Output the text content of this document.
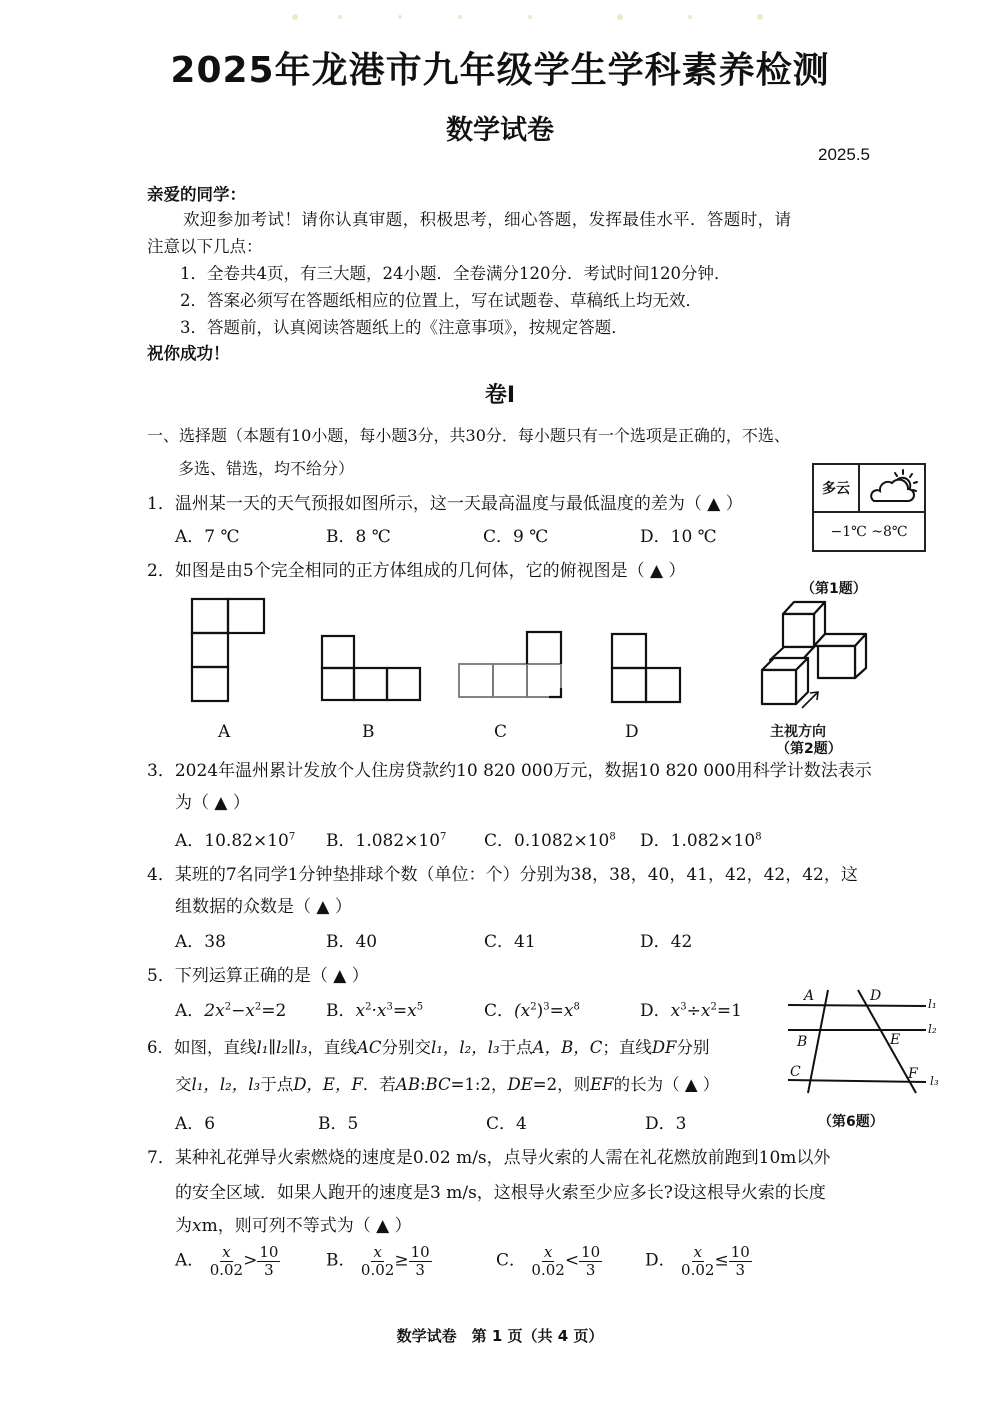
2025年龙港市九年级学生学科素养检测
数学试卷
2025.5
亲爱的同学：
欢迎参加考试！请你认真审题，积极思考，细心答题，发挥最佳水平．答题时，请
注意以下几点：
1．全卷共4页，有三大题，24小题．全卷满分120分．考试时间120分钟．
2．答案必须写在答题纸相应的位置上，写在试题卷、草稿纸上均无效．
3．答题前，认真阅读答题纸上的《注意事项》，按规定答题．
祝你成功！
卷Ⅰ
一、选择题（本题有10小题，每小题3分，共30分．每小题只有一个选项是正确的，不选、
多选、错选，均不给分）
1．温州某一天的天气预报如图所示，这一天最高温度与最低温度的差为（ ▲ ）
A．7 ℃	B．8 ℃	C．9 ℃	D．10 ℃
多云
−1℃ ~8℃
（第1题）
2．如图是由5个完全相同的正方体组成的几何体，它的俯视图是（ ▲ ）
A	B	C	D	主视方向
（第2题）
3．2024年温州累计发放个人住房贷款约10 820 000万元，数据10 820 000用科学计数法表示
为（ ▲ ）
A．$10.82\times 10^7$ B．$1.082\times 10^7$ C．$0.1082\times 10^8$ D．$1.082\times 10^8$
4．某班的7名同学1分钟垫排球个数（单位：个）分别为38，38，40，41，42，42，42，这
组数据的众数是（ ▲ ）
A．38	B．40	C．41	D．42
5．下列运算正确的是（ ▲ ）
A．$2x^2-x^2=2$ B．$x^2\cdot x^3=x^5$	C．$(x^2)^3=x^8$	D．$x^3\div x^2=1$
6．如图，直线l₁∥l₂∥l₃，直线AC分别交l₁，l₂，l₃于点A，B，C；直线DF分别
交l₁，l₂，l₃于点D，E，F．若AB:BC=1:2，DE=2，则EF的长为（ ▲ ）
A．6	B．5	C．4	D．3
A
B
C
D
E
F
l₁
l₂
l₃
（第6题）
7．某种礼花弹导火索燃烧的速度是0.02 m/s，点导火索的人需在礼花燃放前跑到10m以外
的安全区域．如果人跑开的速度是3 m/s，这根导火索至少应多长?设这根导火索的长度
为xm，则可列不等式为（ ▲ ）
A． $\frac{x}{0.02} > \frac{10}{3}$	B． $\frac{x}{0.02} \ge \frac{10}{3}$	C． $\frac{x}{0.02} < \frac{10}{3}$	D． $\frac{x}{0.02} \le \frac{10}{3}$
数学试卷　第 1 页（共 4 页）
